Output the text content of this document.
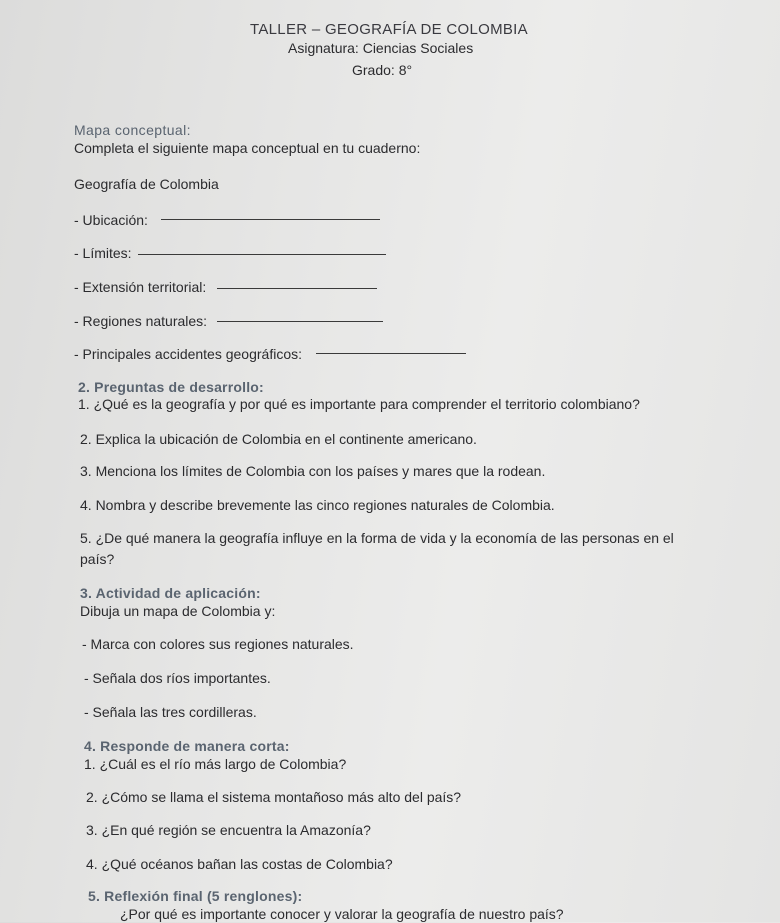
TALLER – GEOGRAFÍA DE COLOMBIA
Asignatura: Ciencias Sociales
Grado: 8°
Mapa conceptual:
Completa el siguiente mapa conceptual en tu cuaderno:
Geografía de Colombia
- Ubicación:
- Límites:
- Extensión territorial:
- Regiones naturales:
- Principales accidentes geográficos:
2. Preguntas de desarrollo:
1. ¿Qué es la geografía y por qué es importante para comprender el territorio colombiano?
2. Explica la ubicación de Colombia en el continente americano.
3. Menciona los límites de Colombia con los países y mares que la rodean.
4. Nombra y describe brevemente las cinco regiones naturales de Colombia.
5. ¿De qué manera la geografía influye en la forma de vida y la economía de las personas en el
país?
3. Actividad de aplicación:
Dibuja un mapa de Colombia y:
- Marca con colores sus regiones naturales.
- Señala dos ríos importantes.
- Señala las tres cordilleras.
4. Responde de manera corta:
1. ¿Cuál es el río más largo de Colombia?
2. ¿Cómo se llama el sistema montañoso más alto del país?
3. ¿En qué región se encuentra la Amazonía?
4. ¿Qué océanos bañan las costas de Colombia?
5. Reflexión final (5 renglones):
¿Por qué es importante conocer y valorar la geografía de nuestro país?
